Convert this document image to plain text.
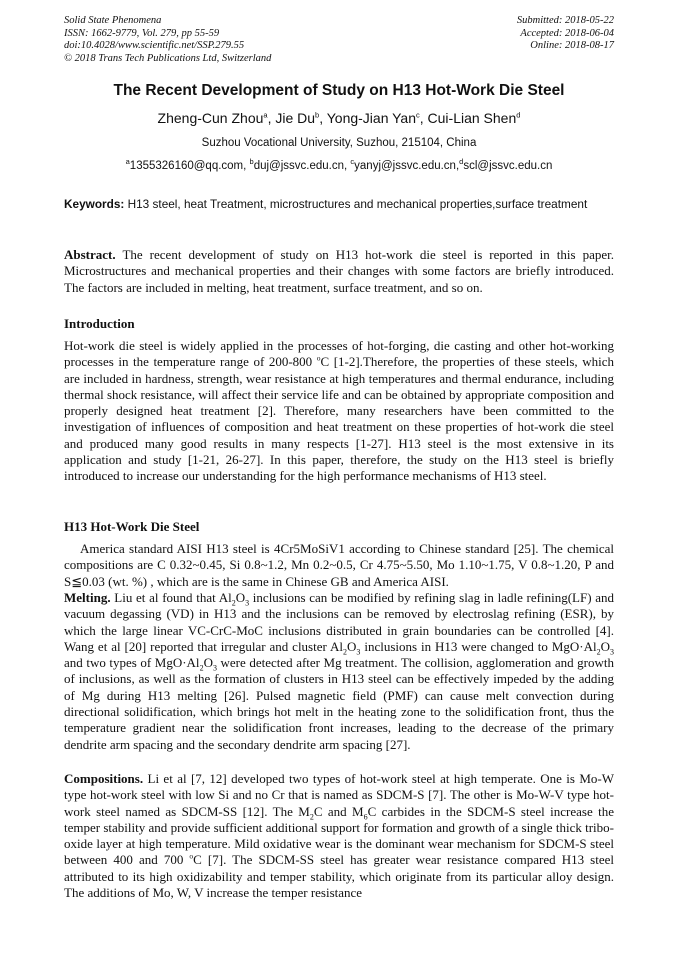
Solid State Phenomena
ISSN: 1662-9779, Vol. 279, pp 55-59
doi:10.4028/www.scientific.net/SSP.279.55
© 2018 Trans Tech Publications Ltd, Switzerland
Submitted: 2018-05-22
Accepted: 2018-06-04
Online: 2018-08-17
The Recent Development of Study on H13 Hot-Work Die Steel
Zheng-Cun Zhou$^a$, Jie Du$^b$, Yong-Jian Yan$^c$, Cui-Lian Shen$^d$
Suzhou Vocational University, Suzhou, 215104, China
$^a$1355326160@qq.com, $^b$duj@jssvc.edu.cn, $^c$yanyj@jssvc.edu.cn,$^d$scl@jssvc.edu.cn
Keywords: H13 steel, heat Treatment, microstructures and mechanical properties,surface treatment
Abstract. The recent development of study on H13 hot-work die steel is reported in this paper. Microstructures and mechanical properties and their changes with some factors are briefly introduced. The factors are included in melting, heat treatment, surface treatment, and so on.
Introduction
Hot-work die steel is widely applied in the processes of hot-forging, die casting and other hot-working processes in the temperature range of 200-800 $^o$C [1-2].Therefore, the properties of these steels, which are included in hardness, strength, wear resistance at high temperatures and thermal endurance, including thermal shock resistance, will affect their service life and can be obtained by appropriate composition and properly designed heat treatment [2]. Therefore, many researchers have been committed to the investigation of influences of composition and heat treatment on these properties of hot-work die steel and produced many good results in many respects [1-27]. H13 steel is the most extensive in its application and study [1-21, 26-27]. In this paper, therefore, the study on the H13 steel is briefly introduced to increase our understanding for the high performance mechanisms of H13 steel.
H13 Hot-Work Die Steel
America standard AISI H13 steel is 4Cr5MoSiV1 according to Chinese standard [25]. The chemical compositions are C 0.32~0.45, Si 0.8~1.2, Mn 0.2~0.5, Cr 4.75~5.50, Mo 1.10~1.75, V 0.8~1.20, P and S≦0.03 (wt. %) , which are is the same in Chinese GB and America AISI.
Melting. Liu et al found that $Al_2O_3$ inclusions can be modified by refining slag in ladle refining(LF) and vacuum degassing (VD) in H13 and the inclusions can be removed by electroslag refining (ESR), by which the large linear VC-CrC-MoC inclusions distributed in grain boundaries can be controlled [4]. Wang et al [20] reported that irregular and cluster $Al_2O_3$ inclusions in H13 were changed to $MgO\cdot Al_2O_3$ and two types of $MgO\cdot Al_2O_3$ were detected after Mg treatment. The collision, agglomeration and growth of inclusions, as well as the formation of clusters in H13 steel can be effectively impeded by the adding of Mg during H13 melting [26]. Pulsed magnetic field (PMF) can cause melt convection during directional solidification, which brings hot melt in the heating zone to the solidification front, thus the temperature gradient near the solidification front increases, leading to the decrease of the primary dendrite arm spacing and the secondary dendrite arm spacing [27].
Compositions. Li et al [7, 12] developed two types of hot-work steel at high temperate. One is Mo-W type hot-work steel with low Si and no Cr that is named as SDCM-S [7]. The other is Mo-W-V type hot-work steel named as SDCM-SS [12]. The $M_2C$ and $M_6C$ carbides in the SDCM-S steel increase the temper stability and provide sufficient additional support for formation and growth of a single thick tribo-oxide layer at high temperature. Mild oxidative wear is the dominant wear mechanism for SDCM-S steel between 400 and 700 $^o$C [7]. The SDCM-SS steel has greater wear resistance compared H13 steel attributed to its high oxidizability and temper stability, which originate from its particular alloy design. The additions of Mo, W, V increase the temper resistance
